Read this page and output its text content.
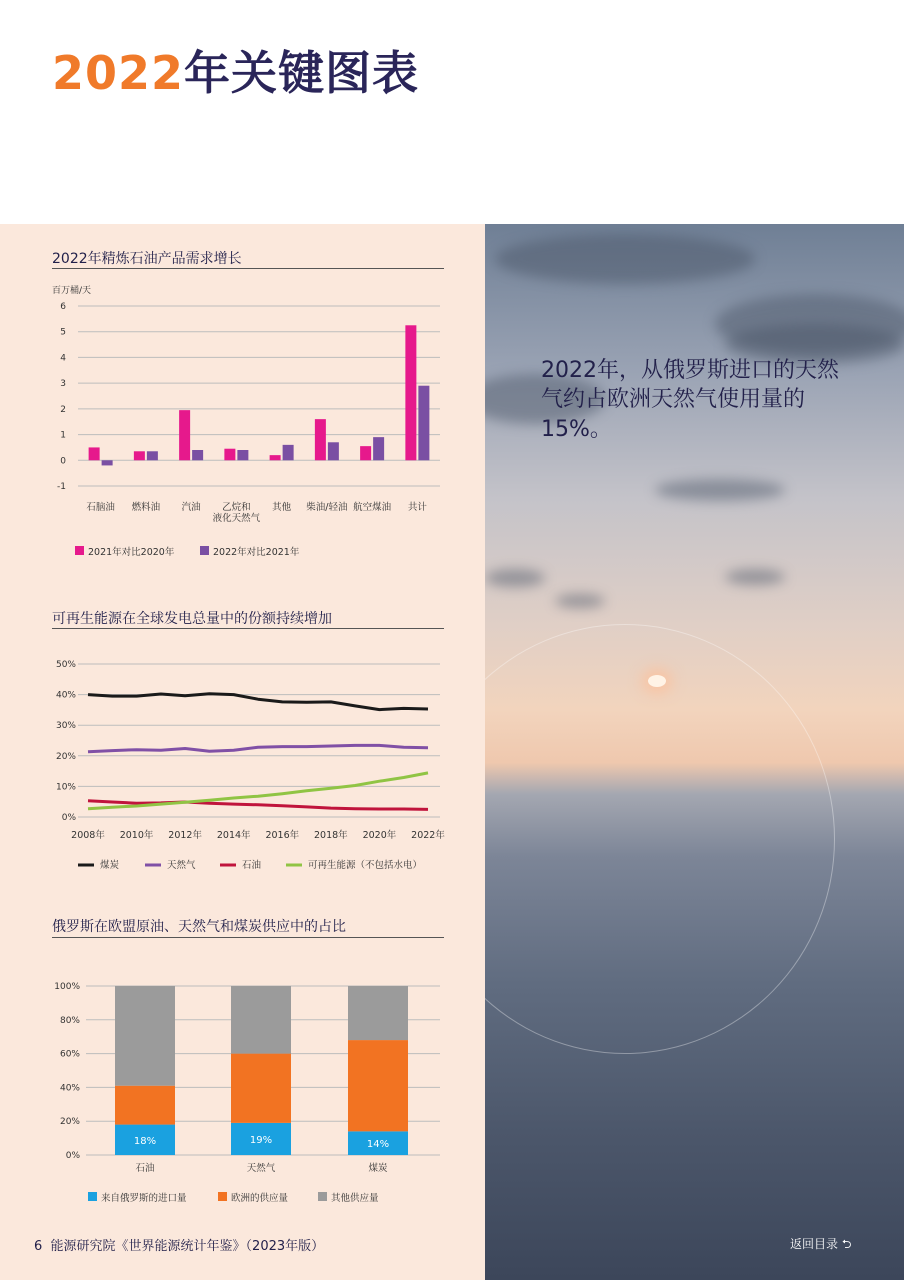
2022年关键图表
2022年，从俄罗斯进口的天然气约占欧洲天然气使用量的15%。
2022年精炼石油产品需求增长
可再生能源在全球发电总量中的份额持续增加
俄罗斯在欧盟原油、天然气和煤炭供应中的占比
百万桶/天
-1
0
1
2
3
4
5
6
石脑油 燃料油 汽油 乙烷和
液化天然气
其他 柴油/轻油 航空煤油 共计
2021年对比2020年	2022年对比2021年
0%
10%
20%
30%
40%
50%
2008年 2010年 2012年 2014年 2016年 2018年 2020年 2022年
煤炭	天然气	石油	可再生能源（不包括水电）
0%
20%
40%
60%
80%
100%
18%
石油
19%
天然气
14%
煤炭
来自俄罗斯的进口量	欧洲的供应量	其他供应量
6 能源研究院《世界能源统计年鉴》（2023年版）	返回目录 ⮌
